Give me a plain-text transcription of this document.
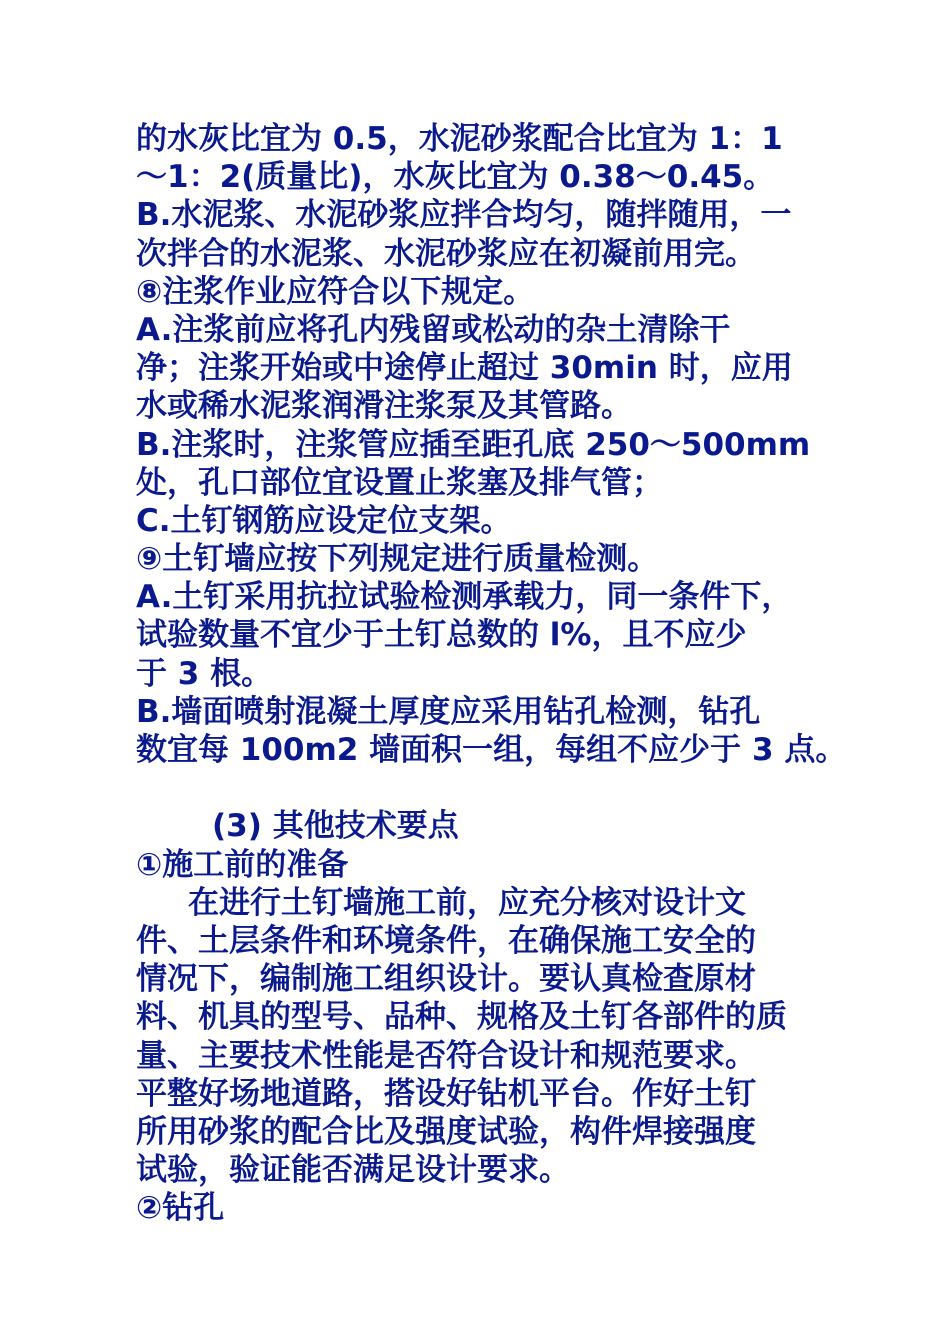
的水灰比宜为 0.5，水泥砂浆配合比宜为 1：1
～1：2(质量比)，水灰比宜为 0.38～0.45。
B.水泥浆、水泥砂浆应拌合均匀，随拌随用，一
次拌合的水泥浆、水泥砂浆应在初凝前用完。
⑧注浆作业应符合以下规定。
A.注浆前应将孔内残留或松动的杂土清除干
净；注浆开始或中途停止超过 30min 时，应用
水或稀水泥浆润滑注浆泵及其管路。
B.注浆时，注浆管应插至距孔底 250～500mm
处，孔口部位宜设置止浆塞及排气管；
C.土钉钢筋应设定位支架。
⑨土钉墙应按下列规定进行质量检测。
A.土钉采用抗拉试验检测承载力，同一条件下，
试验数量不宜少于土钉总数的 l%，且不应少
于 3 根。
B.墙面喷射混凝土厚度应采用钻孔检测，钻孔
数宜每 100m2 墙面积一组，每组不应少于 3 点。
(3) 其他技术要点
①施工前的准备
在进行土钉墙施工前，应充分核对设计文
件、土层条件和环境条件，在确保施工安全的
情况下，编制施工组织设计。要认真检查原材
料、机具的型号、品种、规格及土钉各部件的质
量、主要技术性能是否符合设计和规范要求。
平整好场地道路，搭设好钻机平台。作好土钉
所用砂浆的配合比及强度试验，构件焊接强度
试验，验证能否满足设计要求。
②钻孔
